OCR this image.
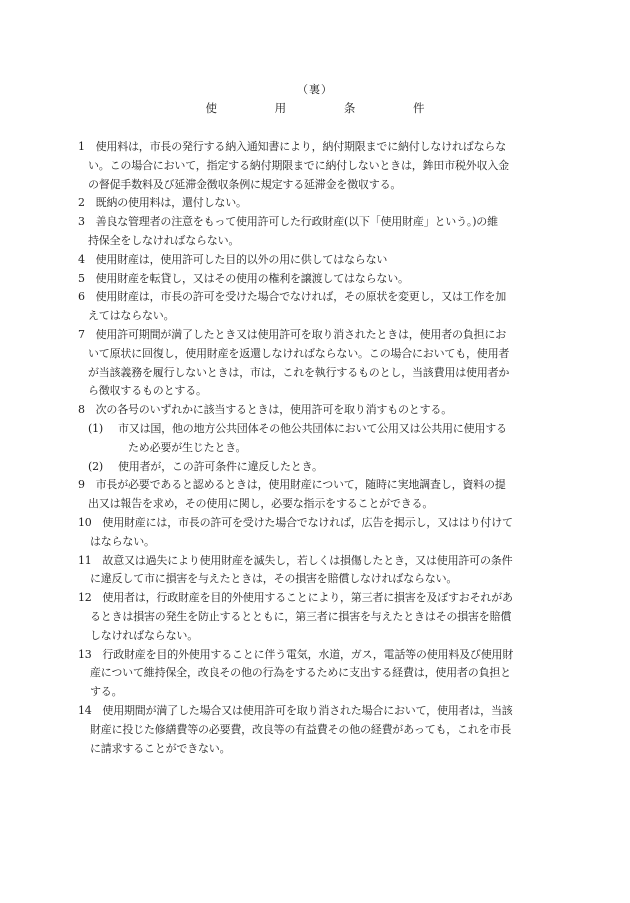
（裏）
使	用	条	件
1　使用料は，市長の発行する納入通知書により，納付期限までに納付しなければならな
い。この場合において，指定する納付期限までに納付しないときは，鉾田市税外収入金
の督促手数料及び延滞金徴収条例に規定する延滞金を徴収する。
2　既納の使用料は，還付しない。
3　善良な管理者の注意をもって使用許可した行政財産(以下「使用財産」という。)の維
持保全をしなければならない。
4　使用財産は，使用許可した目的以外の用に供してはならない
5　使用財産を転貸し，又はその使用の権利を譲渡してはならない。
6　使用財産は，市長の許可を受けた場合でなければ，その原状を変更し，又は工作を加
えてはならない。
7　使用許可期間が満了したとき又は使用許可を取り消されたときは，使用者の負担にお
いて原状に回復し，使用財産を返還しなければならない。この場合においても，使用者
が当該義務を履行しないときは，市は，これを執行するものとし，当該費用は使用者か
ら徴収するものとする。
8　次の各号のいずれかに該当するときは，使用許可を取り消すものとする。
(1) 市又は国，他の地方公共団体その他公共団体において公用又は公共用に使用する
ため必要が生じたとき。
(2) 使用者が，この許可条件に違反したとき。
9　市長が必要であると認めるときは，使用財産について，随時に実地調査し，資料の提
出又は報告を求め，その使用に関し，必要な指示をすることができる。
10　使用財産には，市長の許可を受けた場合でなければ，広告を掲示し，又ははり付けて
はならない。
11　故意又は過失により使用財産を滅失し，若しくは損傷したとき，又は使用許可の条件
に違反して市に損害を与えたときは，その損害を賠償しなければならない。
12　使用者は，行政財産を目的外使用することにより，第三者に損害を及ぼすおそれがあ
るときは損害の発生を防止するとともに，第三者に損害を与えたときはその損害を賠償
しなければならない。
13　行政財産を目的外使用することに伴う電気，水道，ガス，電話等の使用料及び使用財
産について維持保全，改良その他の行為をするために支出する経費は，使用者の負担と
する。
14　使用期間が満了した場合又は使用許可を取り消された場合において，使用者は，当該
財産に投じた修繕費等の必要費，改良等の有益費その他の経費があっても，これを市長
に請求することができない。
